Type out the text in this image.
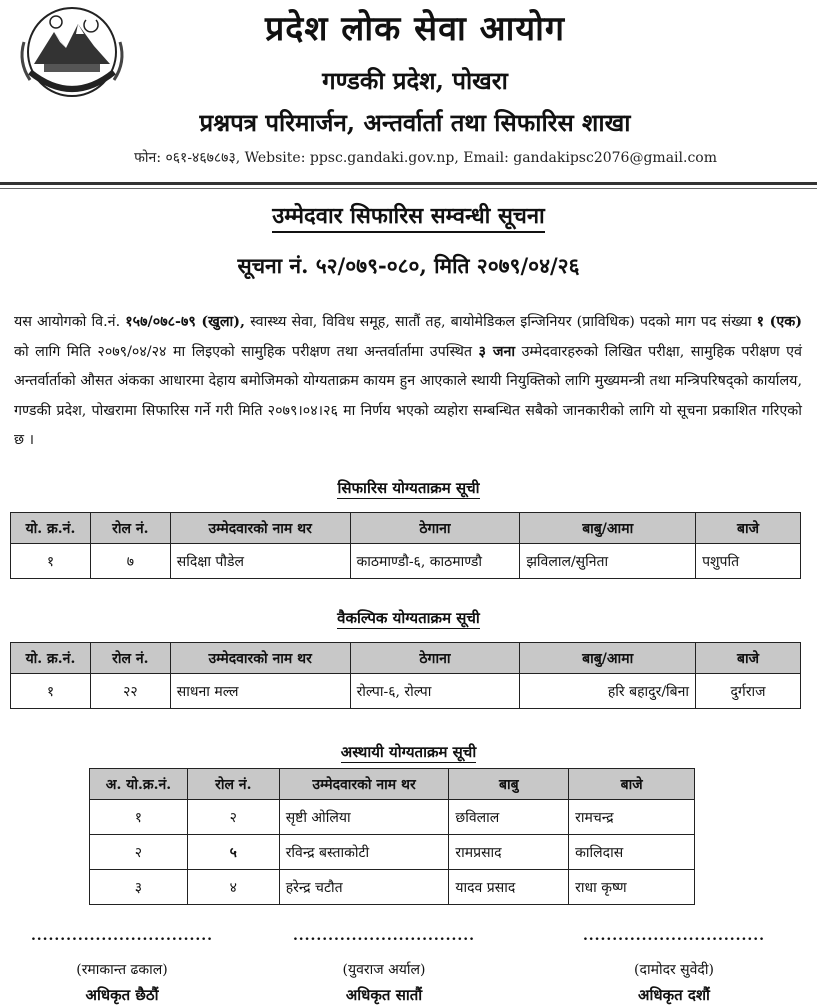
प्रदेश लोक सेवा आयोग
गण्डकी प्रदेश, पोखरा
प्रश्नपत्र परिमार्जन, अन्तर्वार्ता तथा सिफारिस शाखा
फोन: ०६१-४६७८७३, Website: ppsc.gandaki.gov.np, Email: gandakipsc2076@gmail.com
उम्मेदवार सिफारिस सम्वन्धी सूचना
सूचना नं. ५२/०७९-०८०, मिति २०७९/०४/२६
यस आयोगको वि.नं. १५७/०७८-७९ (खुला), स्वास्थ्य सेवा, विविध समूह, सातौं तह, बायोमेडिकल इन्जिनियर (प्राविधिक) पदको माग पद संख्या १ (एक) को लागि मिति २०७९/०४/२४ मा लिइएको सामुहिक परीक्षण तथा अन्तर्वार्तामा उपस्थित ३ जना उम्मेदवारहरुको लिखित परीक्षा, सामुहिक परीक्षण एवं अन्तर्वार्ताको औसत अंकका आधारमा देहाय बमोजिमको योग्यताक्रम कायम हुन आएकाले स्थायी नियुक्तिको लागि मुख्यमन्त्री तथा मन्त्रिपरिषद्‌को कार्यालय, गण्डकी प्रदेश, पोखरामा सिफारिस गर्ने गरी मिति २०७९।०४।२६ मा निर्णय भएको व्यहोरा सम्बन्धित सबैको जानकारीको लागि यो सूचना प्रकाशित गरिएको छ ।
सिफारिस योग्यताक्रम सूची
यो. क्र.नं.	रोल नं.	उम्मेदवारको नाम थर	ठेगाना	बाबु/आमा	बाजे
१	७	सदिक्षा पौडेल	काठमाण्डौ-६, काठमाण्डौ	झविलाल/सुनिता	पशुपति
वैकल्पिक योग्यताक्रम सूची
यो. क्र.नं.	रोल नं.	उम्मेदवारको नाम थर	ठेगाना	बाबु/आमा	बाजे
१	२२	साधना मल्ल	रोल्पा-६, रोल्पा	हरि बहादुर/बिना	दुर्गराज
अस्थायी योग्यताक्रम सूची
अ. यो.क्र.नं.	रोल नं.	उम्मेदवारको नाम थर	बाबु	बाजे
१	२	सृष्टी ओलिया	छविलाल	रामचन्द्र
२	५	रविन्द्र बस्ताकोटी	रामप्रसाद	कालिदास
३	४	हरेन्द्र चटौत	यादव प्रसाद	राधा कृष्ण
...............................
(रमाकान्त ढकाल)
अधिकृत छैठौं
...............................
(युवराज अर्याल)
अधिकृत सातौं
...............................
(दामोदर सुवेदी)
अधिकृत दशौं
